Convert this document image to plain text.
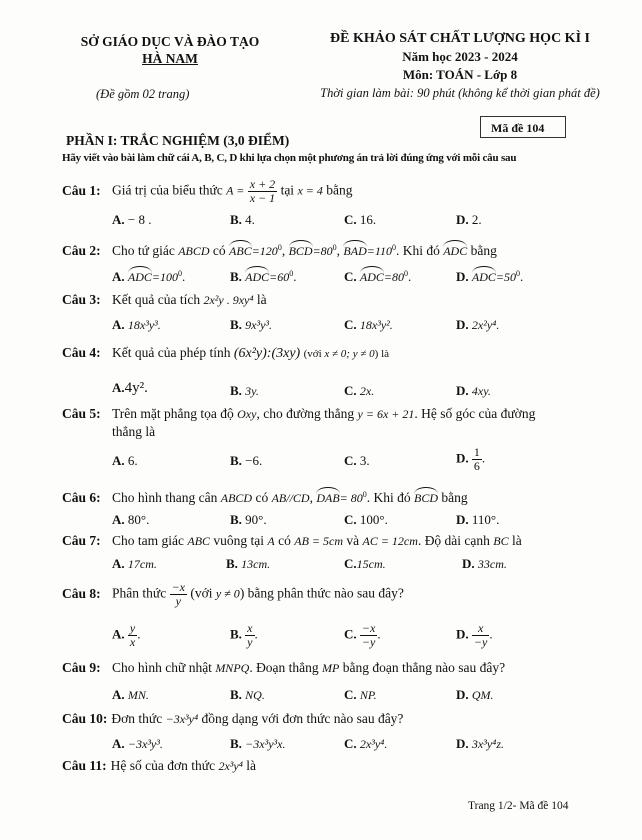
SỞ GIÁO DỤC VÀ ĐÀO TẠO
HÀ NAM
(Đề gồm 02 trang)
ĐỀ KHẢO SÁT CHẤT LƯỢNG HỌC KÌ I
Năm học 2023 - 2024
Môn: TOÁN - Lớp 8
Thời gian làm bài: 90 phút (không kể thời gian phát đề)
Mã đề 104
PHẦN I: TRẮC NGHIỆM (3,0 ĐIỂM)
Hãy viết vào bài làm chữ cái A, B, C, D khi lựa chọn một phương án trả lời đúng ứng với mỗi câu sau
Câu 1: Giá trị của biểu thức $A = \frac{x + 2}{x - 1}$ tại x = 4 bằng
A. − 8 .	B. 4.	C. 16.	D. 2.
Câu 2: Cho tứ giác ABCD có $ABC=120^0$, $BCD=80^0$, $BAD=110^0$. Khi đó ADC bằng
A. $ADC=100^0$.	B. $ADC=60^0$.	C. $ADC=80^0$.	D. $ADC=50^0$.
Câu 3: Kết quả của tích 2x²y . 9xy⁴ là
A. 18x³y³.	B. 9x³y³.	C. 18x³y².	D. 2x²y⁴.
Câu 4: Kết quả của phép tính (6x²y):(3xy) (với x ≠ 0; y ≠ 0) là
A.4y².	B. 3y.	C. 2x.	D. 4xy.
Câu 5: Trên mặt phẳng tọa độ Oxy, cho đường thẳng y = 6x + 21. Hệ số góc của đường
thẳng là
A. 6.	B. −6.	C. 3.	D. $\frac{1}{6}$ .
Câu 6: Cho hình thang cân ABCD có AB//CD, $DAB= 80^0$. Khi đó BCD bằng
A. 80°.	B. 90°.	C. 100°.	D. 110°.
Câu 7: Cho tam giác ABC vuông tại A có AB = 5cm và AC = 12cm. Độ dài cạnh BC là
A. 17cm.	B. 13cm.	C.15cm.	D. 33cm.
Câu 8: Phân thức $\frac{-x}{y}$ (với y ≠ 0) bằng phân thức nào sau đây?
A. $\frac{y}{x}$ .	B. $\frac{x}{y}$ .	C. $\frac{-x}{-y}$ .	D. $\frac{x}{-y}$ .
Câu 9: Cho hình chữ nhật MNPQ. Đoạn thẳng MP bằng đoạn thẳng nào sau đây?
A. MN.	B. NQ.	C. NP.	D. QM.
Câu 10: Đơn thức −3x³y⁴ đồng dạng với đơn thức nào sau đây?
A. −3x³y³.	B. −3x³y³x.	C. 2x³y⁴.	D. 3x³y⁴z.
Câu 11: Hệ số của đơn thức 2x³y⁴ là
Trang 1/2- Mã đề 104
